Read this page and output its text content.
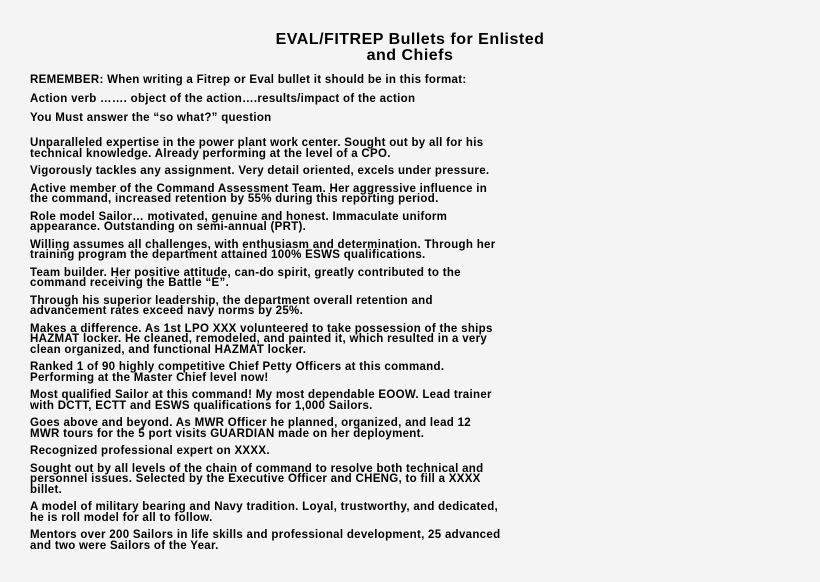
EVAL/FITREP Bullets for Enlisted
and Chiefs

REMEMBER: When writing a Fitrep or Eval bullet it should be in this format:

Action verb ……. object of the action….results/impact of the action

You Must answer the “so what?” question

Unparalleled expertise in the power plant work center. Sought out by all for his
technical knowledge. Already performing at the level of a CPO.
Vigorously tackles any assignment. Very detail oriented, excels under pressure.
Active member of the Command Assessment Team. Her aggressive influence in
the command, increased retention by 55% during this reporting period.
Role model Sailor… motivated, genuine and honest. Immaculate uniform
appearance. Outstanding on semi-annual (PRT).
Willing assumes all challenges, with enthusiasm and determination. Through her
training program the department attained 100% ESWS qualifications.
Team builder. Her positive attitude, can-do spirit, greatly contributed to the
command receiving the Battle “E”.
Through his superior leadership, the department overall retention and
advancement rates exceed navy norms by 25%.
Makes a difference. As 1st LPO XXX volunteered to take possession of the ships
HAZMAT locker. He cleaned, remodeled, and painted it, which resulted in a very
clean organized, and functional HAZMAT locker.
Ranked 1 of 90 highly competitive Chief Petty Officers at this command.
Performing at the Master Chief level now!
Most qualified Sailor at this command! My most dependable EOOW. Lead trainer
with DCTT, ECTT and ESWS qualifications for 1,000 Sailors.
Goes above and beyond. As MWR Officer he planned, organized, and lead 12
MWR tours for the 5 port visits GUARDIAN made on her deployment.
Recognized professional expert on XXXX.
Sought out by all levels of the chain of command to resolve both technical and
personnel issues. Selected by the Executive Officer and CHENG, to fill a XXXX
billet.
A model of military bearing and Navy tradition. Loyal, trustworthy, and dedicated,
he is roll model for all to follow.
Mentors over 200 Sailors in life skills and professional development, 25 advanced
and two were Sailors of the Year.
